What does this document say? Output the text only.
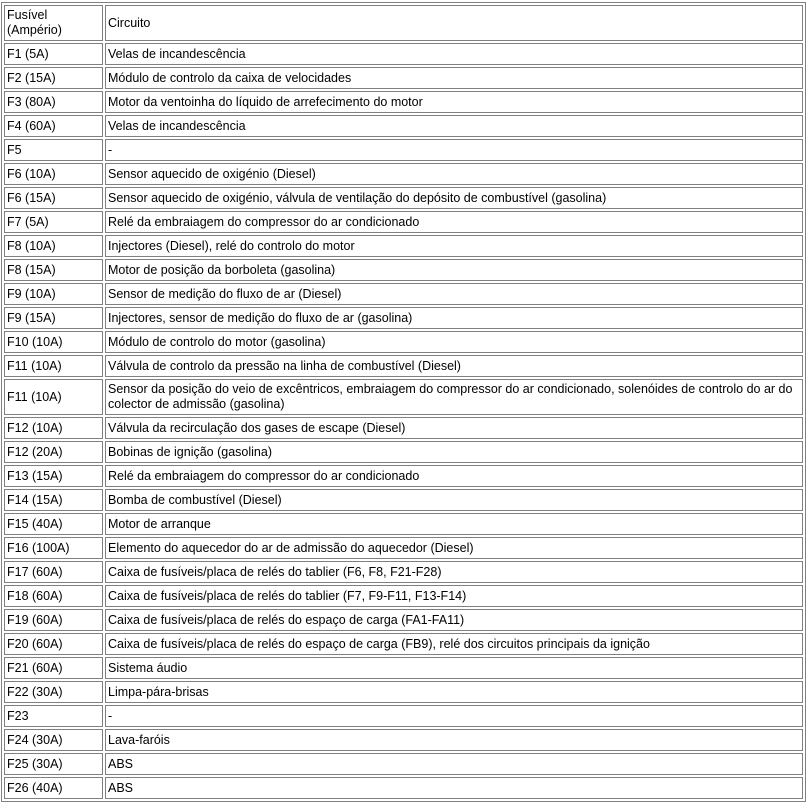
Fusível (Ampério)	Circuito
F1 (5A)	Velas de incandescência
F2 (15A)	Módulo de controlo da caixa de velocidades
F3 (80A)	Motor da ventoinha do líquido de arrefecimento do motor
F4 (60A)	Velas de incandescência
F5	-
F6 (10A)	Sensor aquecido de oxigénio (Diesel)
F6 (15A)	Sensor aquecido de oxigénio, válvula de ventilação do depósito de combustível (gasolina)
F7 (5A)	Relé da embraiagem do compressor do ar condicionado
F8 (10A)	Injectores (Diesel), relé do controlo do motor
F8 (15A)	Motor de posição da borboleta (gasolina)
F9 (10A)	Sensor de medição do fluxo de ar (Diesel)
F9 (15A)	Injectores, sensor de medição do fluxo de ar (gasolina)
F10 (10A)	Módulo de controlo do motor (gasolina)
F11 (10A)	Válvula de controlo da pressão na linha de combustível (Diesel)
F11 (10A)	Sensor da posição do veio de excêntricos, embraiagem do compressor do ar condicionado, solenóides de controlo do ar do colector de admissão (gasolina)
F12 (10A)	Válvula da recirculação dos gases de escape (Diesel)
F12 (20A)	Bobinas de ignição (gasolina)
F13 (15A)	Relé da embraiagem do compressor do ar condicionado
F14 (15A)	Bomba de combustível (Diesel)
F15 (40A)	Motor de arranque
F16 (100A)	Elemento do aquecedor do ar de admissão do aquecedor (Diesel)
F17 (60A)	Caixa de fusíveis/placa de relés do tablier (F6, F8, F21-F28)
F18 (60A)	Caixa de fusíveis/placa de relés do tablier (F7, F9-F11, F13-F14)
F19 (60A)	Caixa de fusíveis/placa de relés do espaço de carga (FA1-FA11)
F20 (60A)	Caixa de fusíveis/placa de relés do espaço de carga (FB9), relé dos circuitos principais da ignição
F21 (60A)	Sistema áudio
F22 (30A)	Limpa-pára-brisas
F23	-
F24 (30A)	Lava-faróis
F25 (30A)	ABS
F26 (40A)	ABS
